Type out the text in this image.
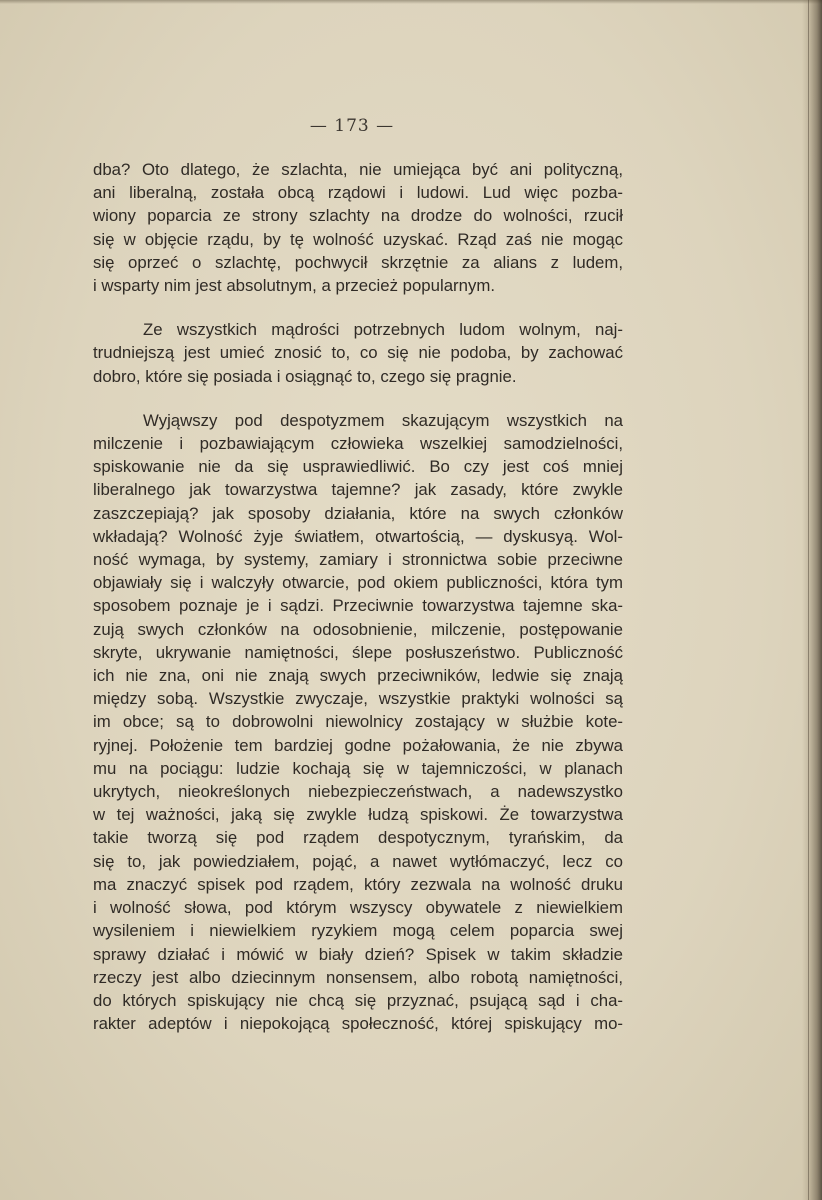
— 173 —

dba? Oto dlatego, że szlachta, nie umiejąca być ani polityczną,
ani liberalną, została obcą rządowi i ludowi. Lud więc pozba-
wiony poparcia ze strony szlachty na drodze do wolności, rzucił
się w objęcie rządu, by tę wolność uzyskać. Rząd zaś nie mogąc
się oprzeć o szlachtę, pochwycił skrzętnie za alians z ludem,
i wsparty nim jest absolutnym, a przecież popularnym.

Ze wszystkich mądrości potrzebnych ludom wolnym, naj-
trudniejszą jest umieć znosić to, co się nie podoba, by zachować
dobro, które się posiada i osiągnąć to, czego się pragnie.

Wyjąwszy pod despotyzmem skazującym wszystkich na
milczenie i pozbawiającym człowieka wszelkiej samodzielności,
spiskowanie nie da się usprawiedliwić. Bo czy jest coś mniej
liberalnego jak towarzystwa tajemne? jak zasady, które zwykle
zaszczepiają? jak sposoby działania, które na swych członków
wkładają? Wolność żyje światłem, otwartością, — dyskusyą. Wol-
ność wymaga, by systemy, zamiary i stronnictwa sobie przeciwne
objawiały się i walczyły otwarcie, pod okiem publiczności, która tym
sposobem poznaje je i sądzi. Przeciwnie towarzystwa tajemne ska-
zują swych członków na odosobnienie, milczenie, postępowanie
skryte, ukrywanie namiętności, ślepe posłuszeństwo. Publiczność
ich nie zna, oni nie znają swych przeciwników, ledwie się znają
między sobą. Wszystkie zwyczaje, wszystkie praktyki wolności są
im obce; są to dobrowolni niewolnicy zostający w służbie kote-
ryjnej. Położenie tem bardziej godne pożałowania, że nie zbywa
mu na pociągu: ludzie kochają się w tajemniczości, w planach
ukrytych, nieokreślonych niebezpieczeństwach, a nadewszystko
w tej ważności, jaką się zwykle łudzą spiskowi. Że towarzystwa
takie tworzą się pod rządem despotycznym, tyrańskim, da
się to, jak powiedziałem, pojąć, a nawet wytłómaczyć, lecz co
ma znaczyć spisek pod rządem, który zezwala na wolność druku
i wolność słowa, pod którym wszyscy obywatele z niewielkiem
wysileniem i niewielkiem ryzykiem mogą celem poparcia swej
sprawy działać i mówić w biały dzień? Spisek w takim składzie
rzeczy jest albo dziecinnym nonsensem, albo robotą namiętności,
do których spiskujący nie chcą się przyznać, psującą sąd i cha-
rakter adeptów i niepokojącą społeczność, której spiskujący mo-
